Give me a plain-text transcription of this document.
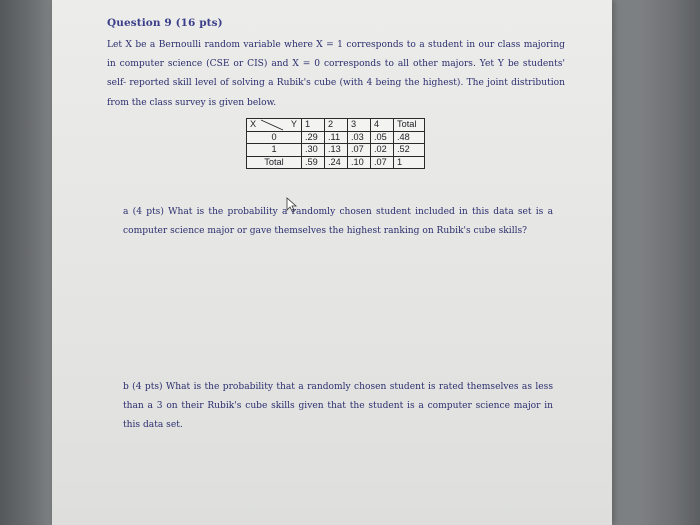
Question 9 (16 pts)

Let X be a Bernoulli random variable where X = 1 corresponds to a student in our class majoring in computer science (CSE or CIS) and X = 0 corresponds to all other majors. Yet Y be students' self- reported skill level of solving a Rubik's cube (with 4 being the highest). The joint distribution from the class survey is given below.

X Y	1	2	3	4	Total
0	.29	.11	.03	.05	.48
1	.30	.13	.07	.02	.52
Total	.59	.24	.10	.07	1

a (4 pts) What is the probability a randomly chosen student included in this data set is a computer science major or gave themselves the highest ranking on Rubik's cube skills?

b (4 pts) What is the probability that a randomly chosen student is rated themselves as less than a 3 on their Rubik's cube skills given that the student is a computer science major in this data set.
